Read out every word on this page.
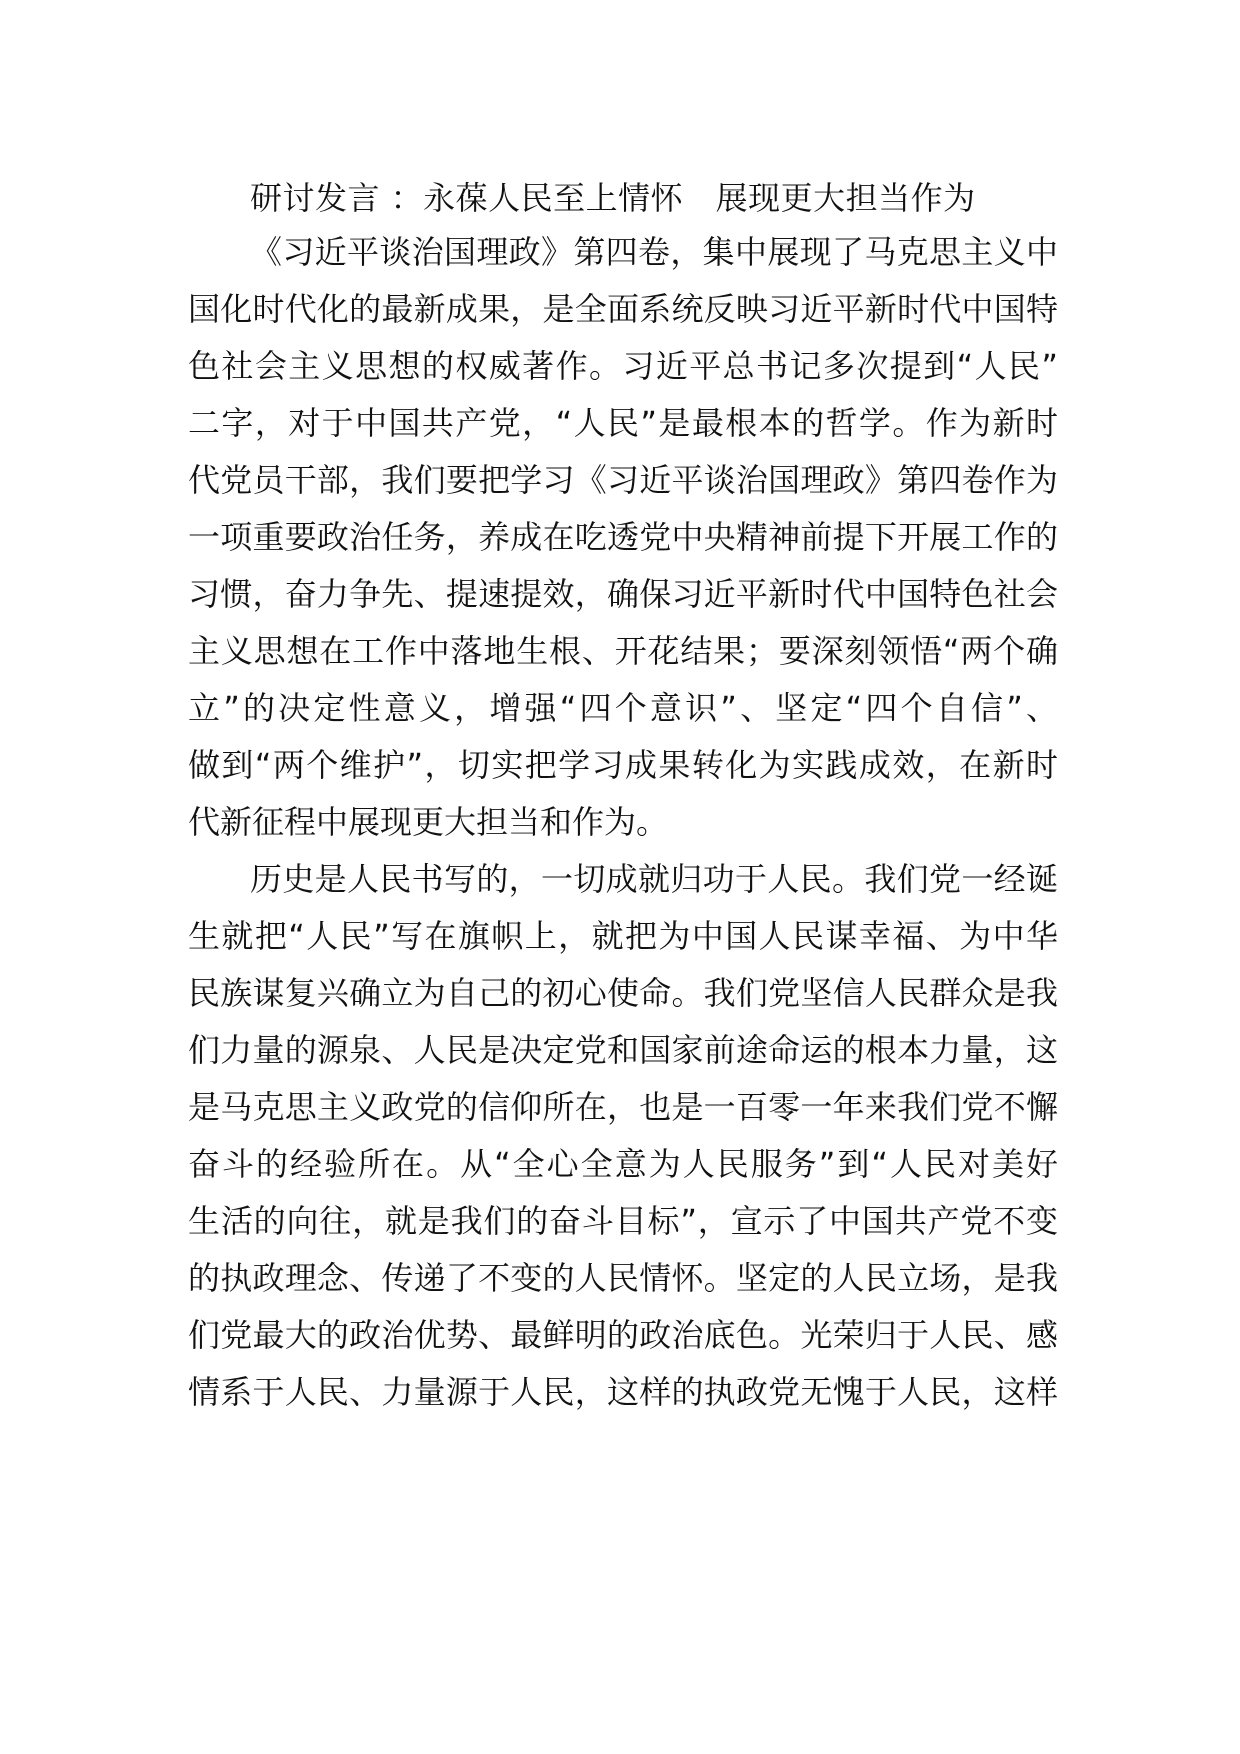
研讨发言 ：永葆人民至上情怀　展现更大担当作为

《习近平谈治国理政》第四卷，集中展现了马克思主义中

国化时代化的最新成果，是全面系统反映习近平新时代中国特

色社会主义思想的权威著作。习近平总书记多次提到“人民”

二字，对于中国共产党，“人民”是最根本的哲学。作为新时

代党员干部，我们要把学习《习近平谈治国理政》第四卷作为

一项重要政治任务，养成在吃透党中央精神前提下开展工作的

习惯，奋力争先、提速提效，确保习近平新时代中国特色社会

主义思想在工作中落地生根、开花结果；要深刻领悟“两个确

立”的决定性意义，增强“四个意识”、坚定“四个自信”、

做到“两个维护”，切实把学习成果转化为实践成效，在新时

代新征程中展现更大担当和作为。

历史是人民书写的，一切成就归功于人民。我们党一经诞

生就把“人民”写在旗帜上，就把为中国人民谋幸福、为中华

民族谋复兴确立为自己的初心使命。我们党坚信人民群众是我

们力量的源泉、人民是决定党和国家前途命运的根本力量，这

是马克思主义政党的信仰所在，也是一百零一年来我们党不懈

奋斗的经验所在。从“全心全意为人民服务”到“人民对美好

生活的向往，就是我们的奋斗目标”，宣示了中国共产党不变

的执政理念、传递了不变的人民情怀。坚定的人民立场，是我

们党最大的政治优势、最鲜明的政治底色。光荣归于人民、感

情系于人民、力量源于人民，这样的执政党无愧于人民，这样
